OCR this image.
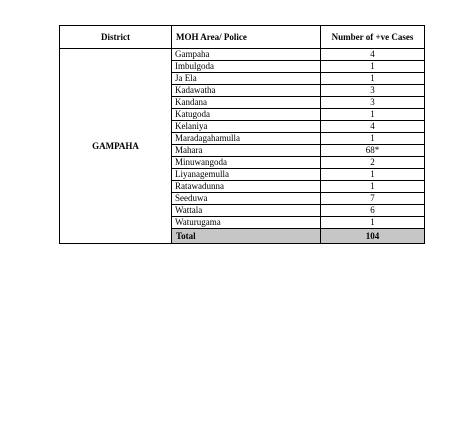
District	MOH Area/ Police	Number of +ve Cases
GAMPAHA	Gampaha	4
	Imbulgoda	1
	Ja Ela	1
	Kadawatha	3
	Kandana	3
	Katugoda	1
	Kelaniya	4
	Maradagahamulla	1
	Mahara	68*
	Minuwangoda	2
	Liyanagemulla	1
	Ratawadunna	1
	Seeduwa	7
	Wattala	6
	Waturugama	1
	Total	104
